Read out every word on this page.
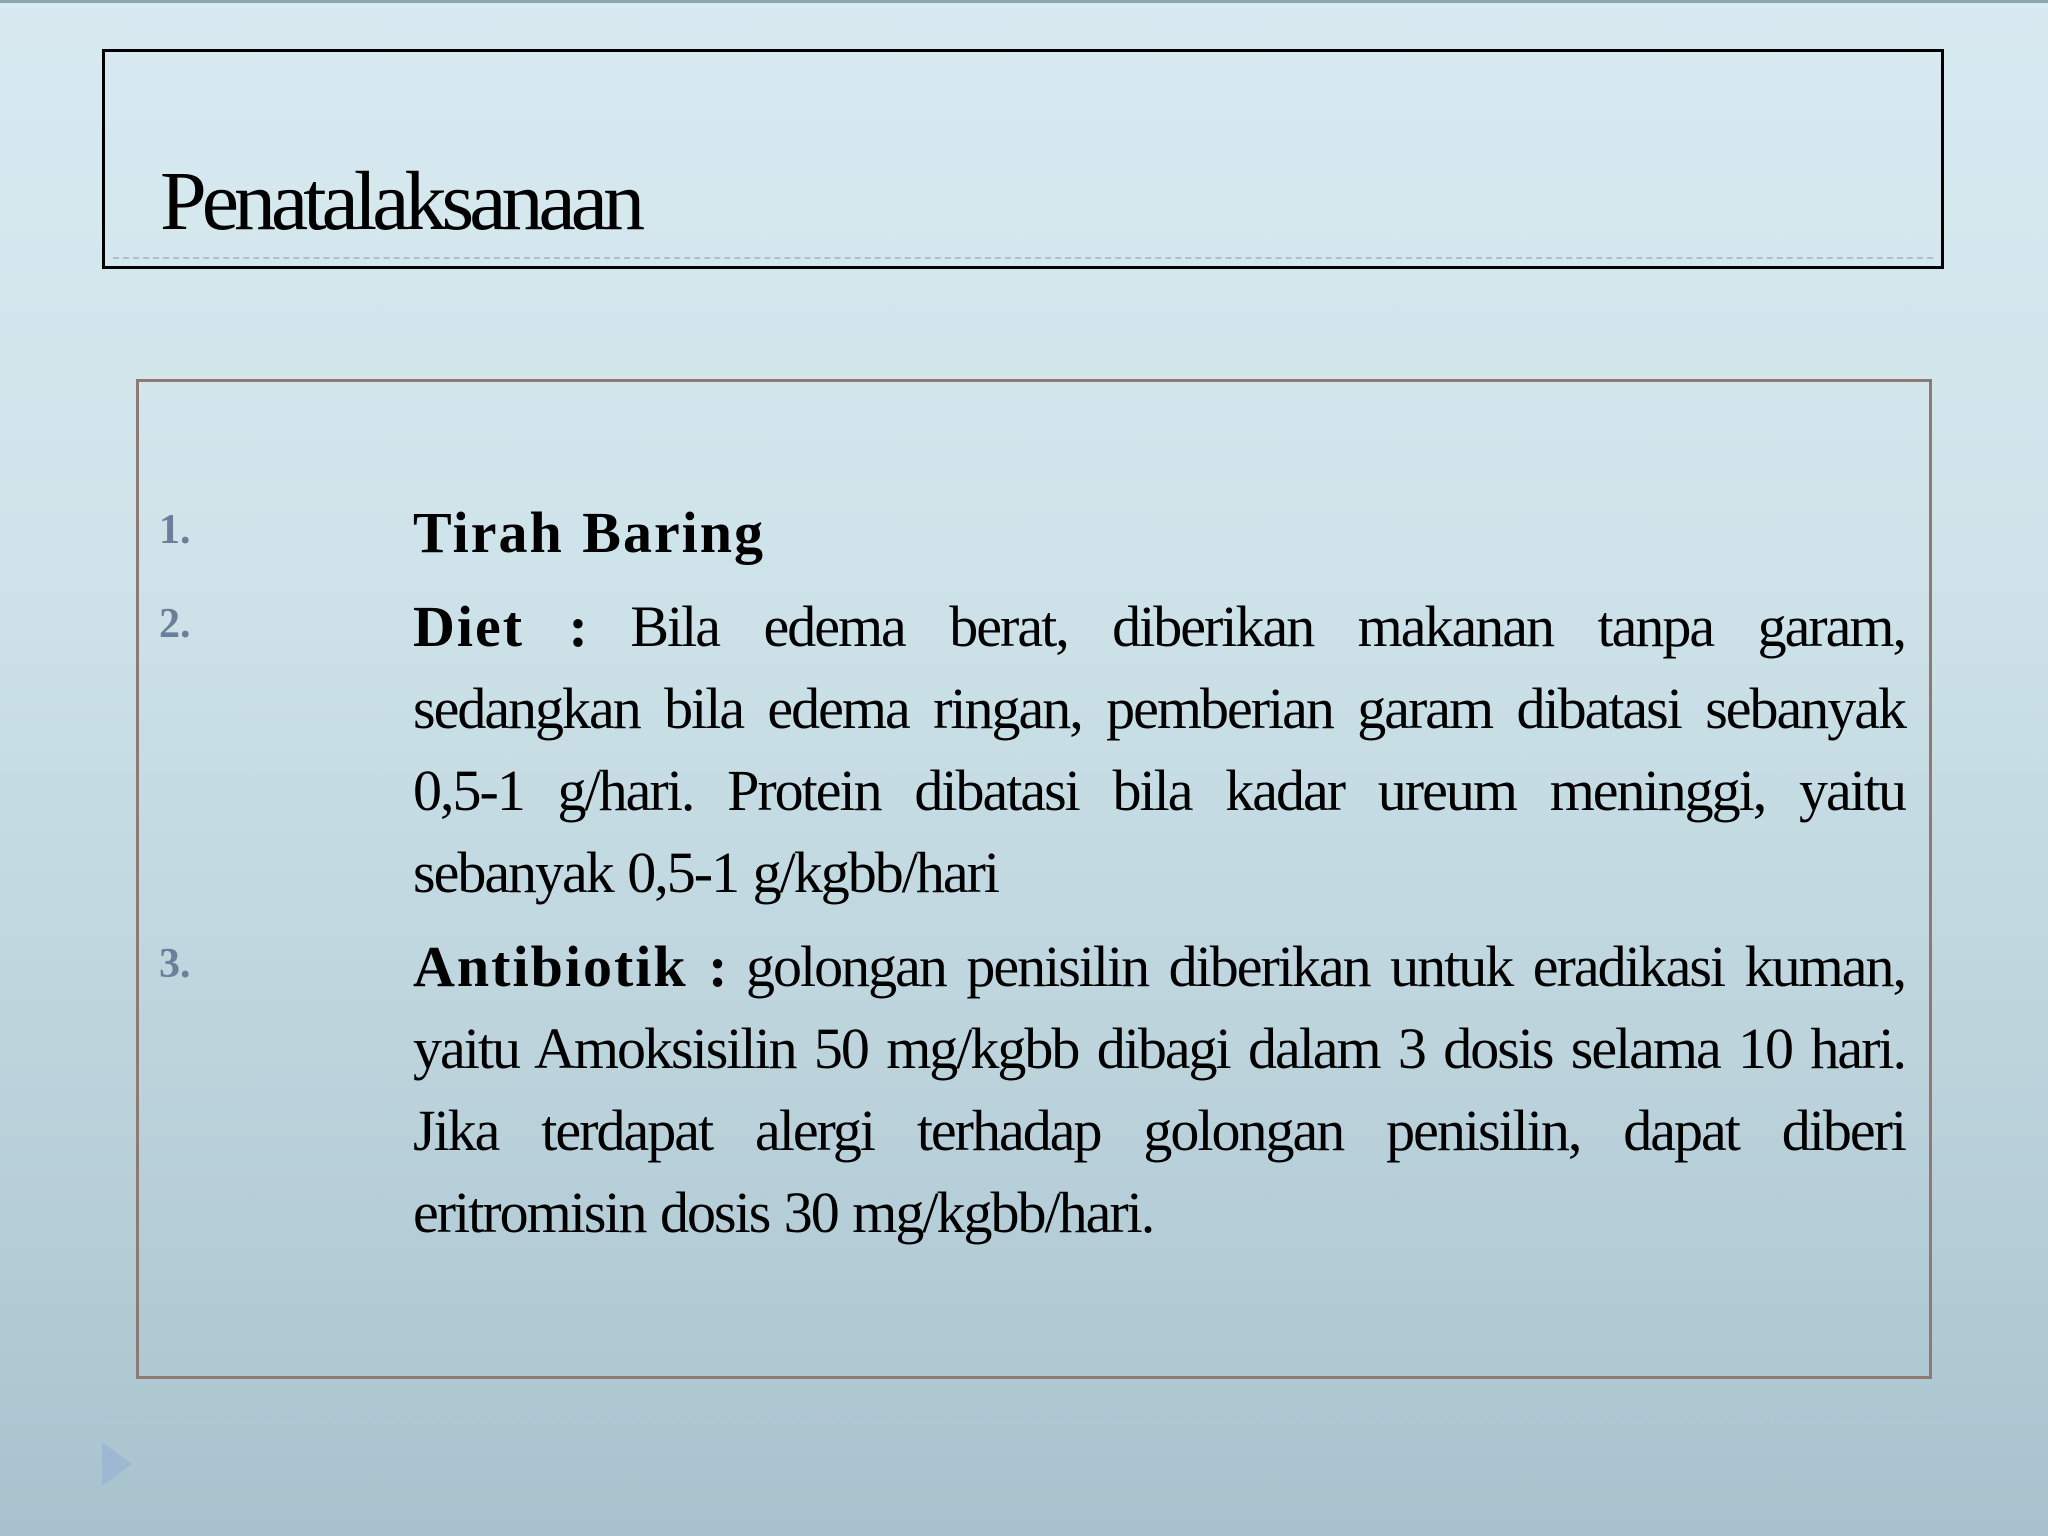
Penatalaksanaan
1.	Tirah Baring
2.	Diet : Bila edema berat, diberikan makanan tanpa garam, sedangkan bila edema ringan, pemberian garam dibatasi sebanyak 0,5-1 g/hari. Protein dibatasi bila kadar ureum meninggi, yaitu sebanyak 0,5-1 g/kgbb/hari
3.	Antibiotik : golongan penisilin diberikan untuk eradikasi kuman, yaitu Amoksisilin 50 mg/kgbb dibagi dalam 3 dosis selama 10 hari. Jika terdapat alergi terhadap golongan penisilin, dapat diberi eritromisin dosis 30 mg/kgbb/hari.
